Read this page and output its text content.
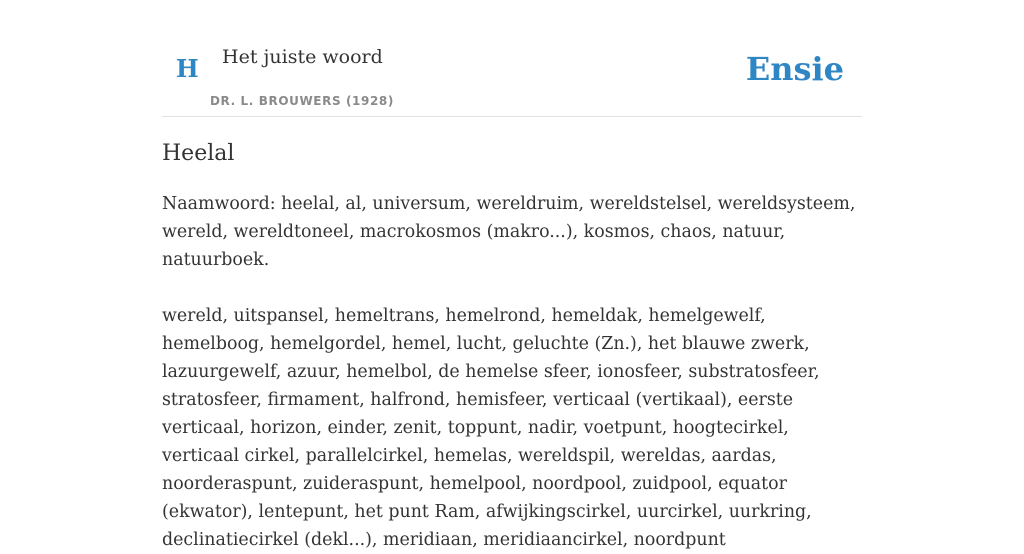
H Het juiste woord
DR. L. BROUWERS (1928)
Ensie
Heelal

Naamwoord: heelal, al, universum, wereldruim, wereldstelsel, wereldsysteem, wereld, wereldtoneel, macrokosmos (makro...), kosmos, chaos, natuur, natuurboek.

wereld, uitspansel, hemeltrans, hemelrond, hemeldak, hemelgewelf, hemelboog, hemelgordel, hemel, lucht, geluchte (Zn.), het blauwe zwerk, lazuurgewelf, azuur, hemelbol, de hemelse sfeer, ionosfeer, substratosfeer, stratosfeer, firmament, halfrond, hemisfeer, verticaal (vertikaal), eerste verticaal, horizon, einder, zenit, toppunt, nadir, voetpunt, hoogtecirkel, verticaal cirkel, parallelcirkel, hemelas, wereldspil, wereldas, aardas, noorderaspunt, zuideraspunt, hemelpool, noordpool, zuidpool, equator (ekwator), lentepunt, het punt Ram, afwijkingscirkel, uurcirkel, uurkring, declinatiecirkel (dekl...), meridiaan, meridiaancirkel, noordpunt
